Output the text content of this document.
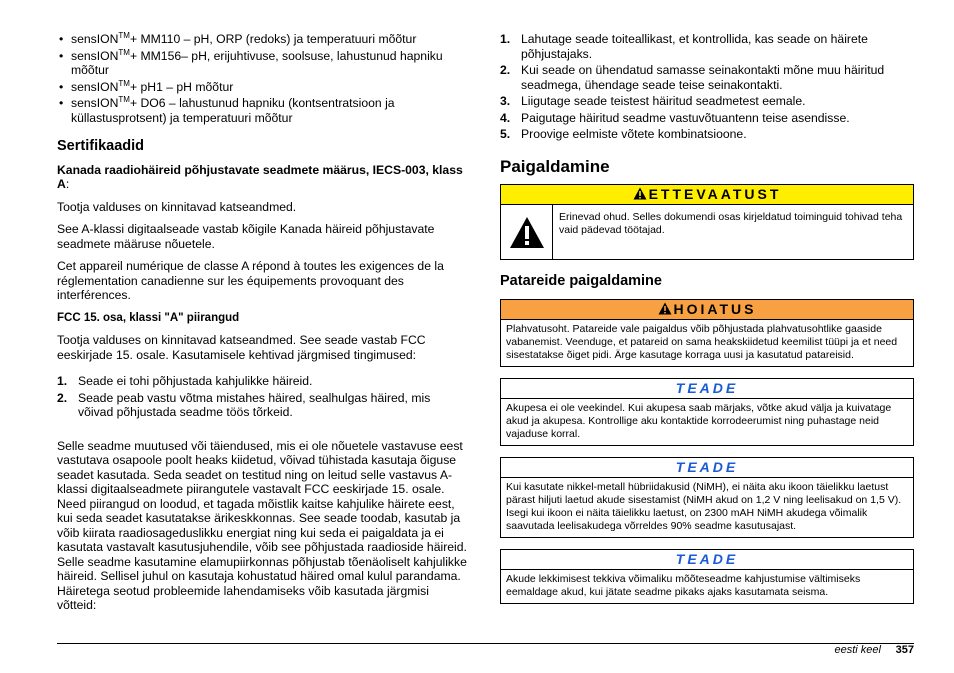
• sensION™+ MM110 – pH, ORP (redoks) ja temperatuuri mõõtur
• sensION™+ MM156– pH, erijuhtivuse, soolsuse, lahustunud hapniku mõõtur
• sensION™+ pH1 – pH mõõtur
• sensION™+ DO6 – lahustunud hapniku (kontsentratsioon ja küllastusprotsent) ja temperatuuri mõõtur
Sertifikaadid

Kanada raadiohäireid põhjustavate seadmete määrus, IECS-003, klass A:

Tootja valduses on kinnitavad katseandmed.

See A-klassi digitaalseade vastab kõigile Kanada häireid põhjustavate seadmete määruse nõuetele.

Cet appareil numérique de classe A répond à toutes les exigences de la réglementation canadienne sur les équipements provoquant des interférences.

FCC 15. osa, klassi "A" piirangud

Tootja valduses on kinnitavad katseandmed. See seade vastab FCC eeskirjade 15. osale. Kasutamisele kehtivad järgmised tingimused:

1. Seade ei tohi põhjustada kahjulikke häireid.
2. Seade peab vastu võtma mistahes häired, sealhulgas häired, mis võivad põhjustada seadme töös tõrkeid.

Selle seadme muutused või täiendused, mis ei ole nõuetele vastavuse eest vastutava osapoole poolt heaks kiidetud, võivad tühistada kasutaja õiguse seadet kasutada. Seda seadet on testitud ning on leitud selle vastavus A-klassi digitaalseadmete piirangutele vastavalt FCC eeskirjade 15. osale. Need piirangud on loodud, et tagada mõistlik kaitse kahjulike häirete eest, kui seda seadet kasutatakse ärikeskkonnas. See seade toodab, kasutab ja võib kiirata raadiosageduslikku energiat ning kui seda ei paigaldata ja ei kasutata vastavalt kasutusjuhendile, võib see põhjustada raadioside häireid. Selle seadme kasutamine elamupiirkonnas põhjustab tõenäoliselt kahjulikke häireid. Sellisel juhul on kasutaja kohustatud häired omal kulul parandama. Häiretega seotud probleemide lahendamiseks võib kasutada järgmisi võtteid:

1. Lahutage seade toiteallikast, et kontrollida, kas seade on häirete põhjustajaks.
2. Kui seade on ühendatud samasse seinakontakti mõne muu häiritud seadmega, ühendage seade teise seinakontakti.
3. Liigutage seade teistest häiritud seadmetest eemale.
4. Paigutage häiritud seadme vastuvõtuantenn teise asendisse.
5. Proovige eelmiste võtete kombinatsioone.
Paigaldamine
ETTEVAATUST
Erinevad ohud. Selles dokumendi osas kirjeldatud toiminguid tohivad teha vaid pädevad töötajad.
Patareide paigaldamine
HOIATUS
Plahvatusoht. Patareide vale paigaldus võib põhjustada plahvatusohtlike gaaside vabanemist. Veenduge, et patareid on sama heakskiidetud keemilist tüüpi ja et need sisestatakse õiget pidi. Ärge kasutage korraga uusi ja kasutatud patareisid.
TEADE
Akupesa ei ole veekindel. Kui akupesa saab märjaks, võtke akud välja ja kuivatage akud ja akupesa. Kontrollige aku kontaktide korrodeerumist ning puhastage neid vajaduse korral.
TEADE
Kui kasutate nikkel-metall hübriidakusid (NiMH), ei näita aku ikoon täielikku laetust pärast hiljuti laetud akude sisestamist (NiMH akud on 1,2 V ning leelisakud on 1,5 V). Isegi kui ikoon ei näita täielikku laetust, on 2300 mAH NiMH akudega võimalik saavutada leelisakudega võrreldes 90% seadme kasutusajast.
TEADE
Akude lekkimisest tekkiva võimaliku mõõteseadme kahjustumise vältimiseks eemaldage akud, kui jätate seadme pikaks ajaks kasutamata seisma.
eesti keel 357
